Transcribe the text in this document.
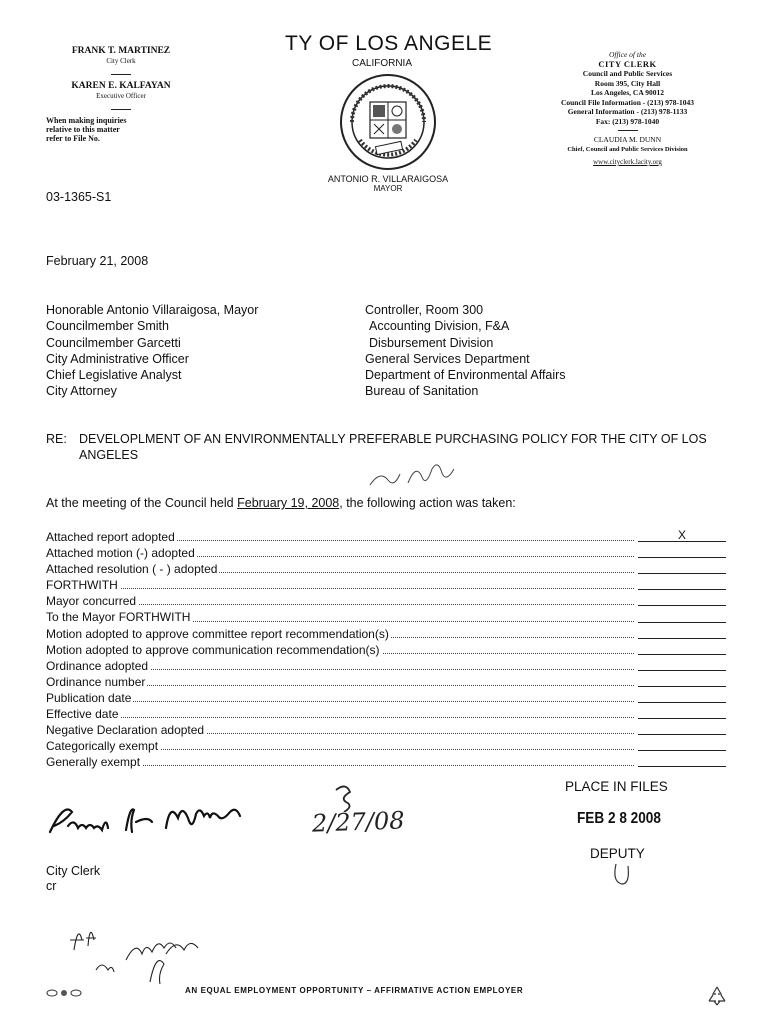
FRANK T. MARTINEZ
City Clerk
KAREN E. KALFAYAN
Executive Officer
When making inquiries
relative to this matter
refer to File No.
TY OF LOS ANGELE
CALIFORNIA
ANTONIO R. VILLARAIGOSA
MAYOR
Office of the
CITY CLERK
Council and Public Services
Room 395, City Hall
Los Angeles, CA 90012
Council File Information - (213) 978-1043
General Information - (213) 978-1133
Fax: (213) 978-1040
CLAUDIA M. DUNN
Chief, Council and Public Services Division
www.cityclerk.lacity.org
03-1365-S1
February 21, 2008
Honorable Antonio Villaraigosa, Mayor
Councilmember Smith
Councilmember Garcetti
City Administrative Officer
Chief Legislative Analyst
City Attorney
Controller, Room 300
Accounting Division, F&A
Disbursement Division
General Services Department
Department of Environmental Affairs
Bureau of Sanitation
RE: DEVELOPLMENT OF AN ENVIRONMENTALLY PREFERABLE PURCHASING POLICY FOR THE CITY OF LOS ANGELES
At the meeting of the Council held February 19, 2008, the following action was taken:
Attached report adopted	X
Attached motion (-) adopted
Attached resolution ( - ) adopted
FORTHWITH
Mayor concurred
To the Mayor FORTHWITH
Motion adopted to approve committee report recommendation(s)
Motion adopted to approve communication recommendation(s)
Ordinance adopted
Ordinance number
Publication date
Effective date
Negative Declaration adopted
Categorically exempt
Generally exempt
PLACE IN FILES
FEB 2 8 2008
DEPUTY
2/27/08
City Clerk
cr
AN EQUAL EMPLOYMENT OPPORTUNITY – AFFIRMATIVE ACTION EMPLOYER
